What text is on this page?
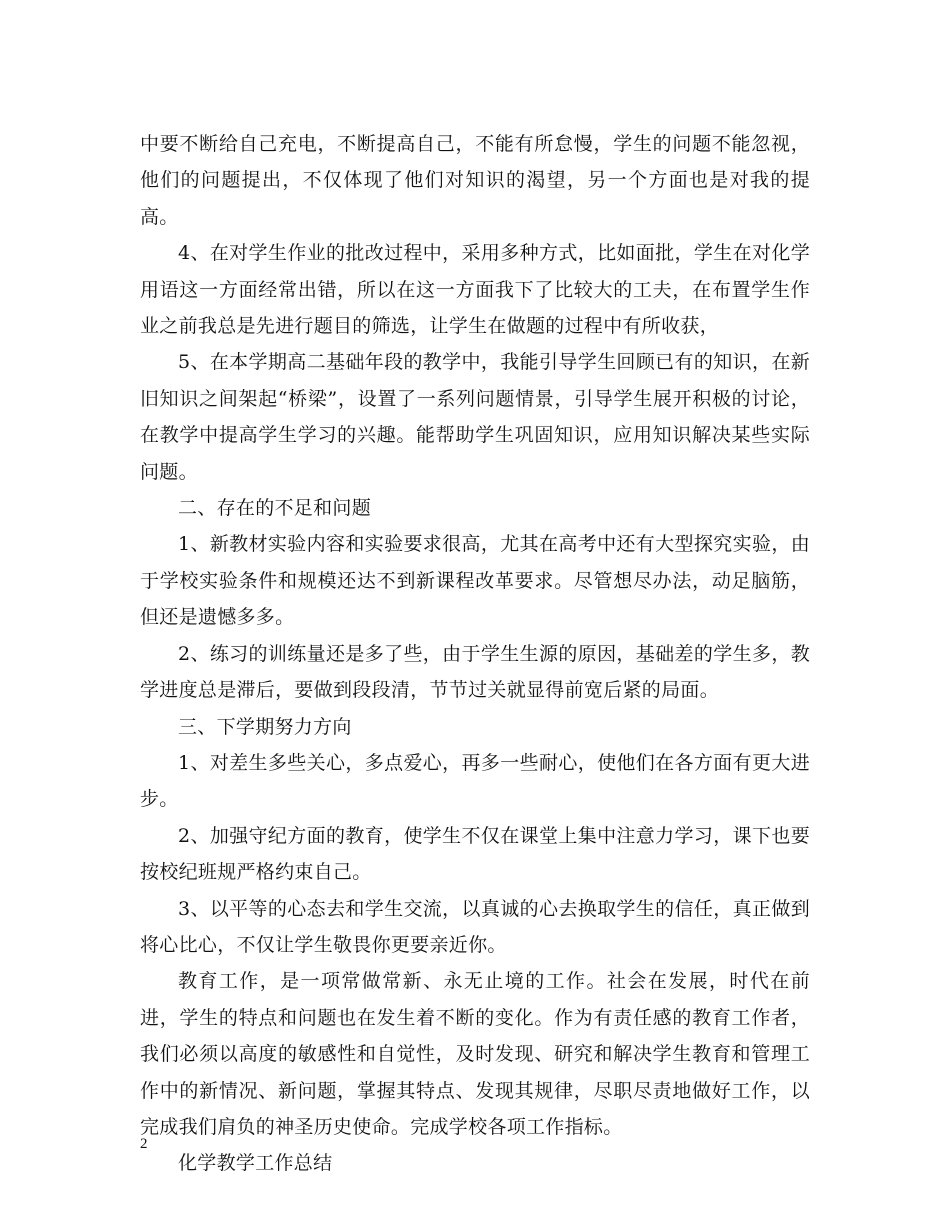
中要不断给自己充电，不断提高自己，不能有所怠慢，学生的问题不能忽视，他们的问题提出，不仅体现了他们对知识的渴望，另一个方面也是对我的提高。

4、在对学生作业的批改过程中，采用多种方式，比如面批，学生在对化学用语这一方面经常出错，所以在这一方面我下了比较大的工夫，在布置学生作业之前我总是先进行题目的筛选，让学生在做题的过程中有所收获，

5、在本学期高二基础年段的教学中，我能引导学生回顾已有的知识，在新旧知识之间架起“桥梁”，设置了一系列问题情景，引导学生展开积极的讨论，在教学中提高学生学习的兴趣。能帮助学生巩固知识，应用知识解决某些实际问题。

二、存在的不足和问题

1、新教材实验内容和实验要求很高，尤其在高考中还有大型探究实验，由于学校实验条件和规模还达不到新课程改革要求。尽管想尽办法，动足脑筋，但还是遗憾多多。

2、练习的训练量还是多了些，由于学生生源的原因，基础差的学生多，教学进度总是滞后，要做到段段清，节节过关就显得前宽后紧的局面。

三、下学期努力方向

1、对差生多些关心，多点爱心，再多一些耐心，使他们在各方面有更大进步。

2、加强守纪方面的教育，使学生不仅在课堂上集中注意力学习，课下也要按校纪班规严格约束自己。

3、以平等的心态去和学生交流，以真诚的心去换取学生的信任，真正做到将心比心，不仅让学生敬畏你更要亲近你。

教育工作，是一项常做常新、永无止境的工作。社会在发展，时代在前进，学生的特点和问题也在发生着不断的变化。作为有责任感的教育工作者，我们必须以高度的敏感性和自觉性，及时发现、研究和解决学生教育和管理工作中的新情况、新问题，掌握其特点、发现其规律，尽职尽责地做好工作，以完成我们肩负的神圣历史使命。完成学校各项工作指标。

化学教学工作总结

2
